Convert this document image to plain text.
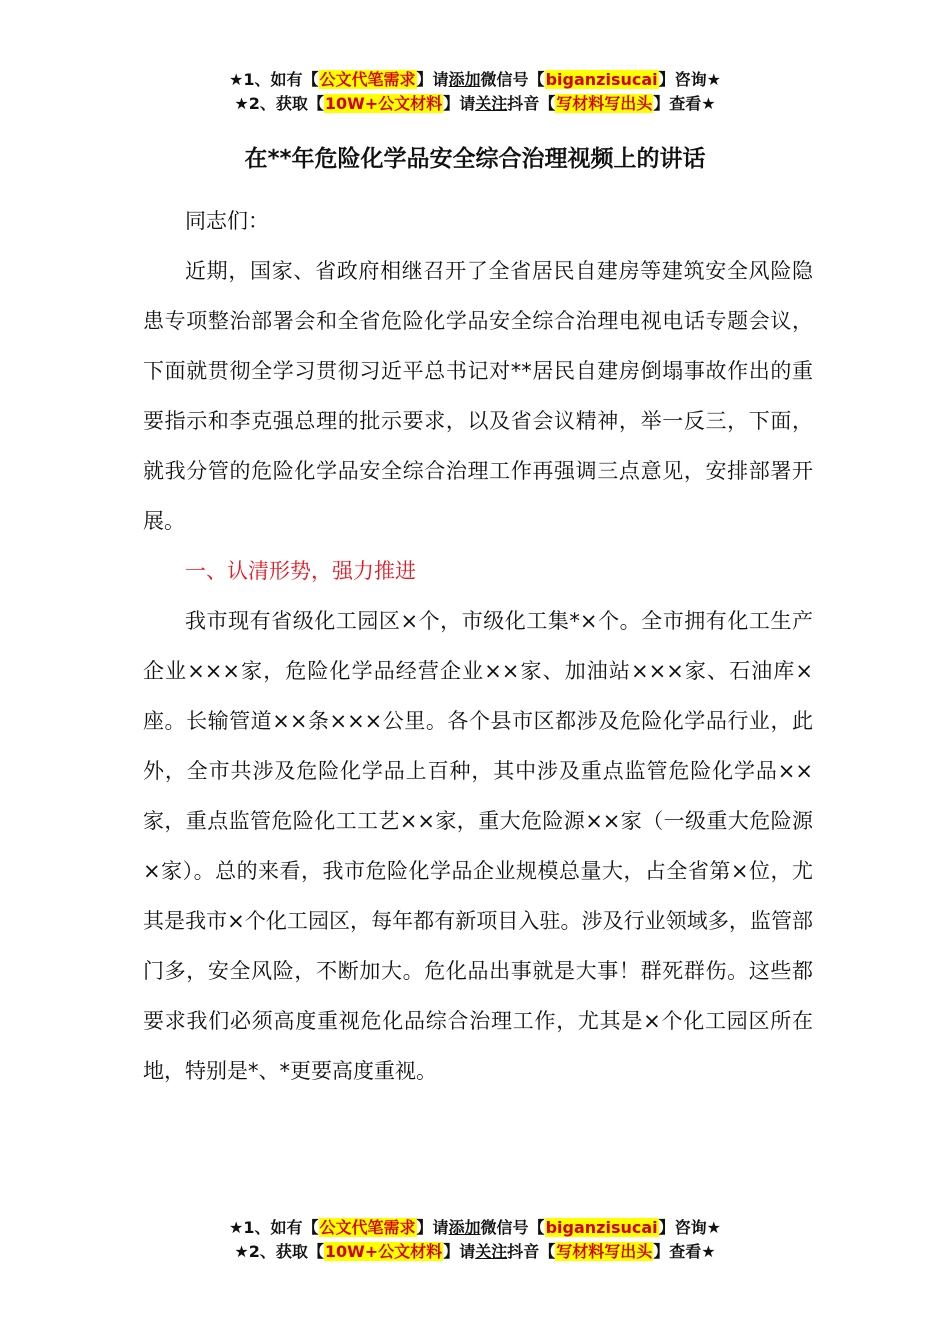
★1、如有【公文代笔需求】请添加微信号【biganzisucai】咨询★
★2、获取【10W+公文材料】请关注抖音【写材料写出头】查看★
在**年危险化学品安全综合治理视频上的讲话

同志们：

近期，国家、省政府相继召开了全省居民自建房等建筑安全风险隐患专项整治部署会和全省危险化学品安全综合治理电视电话专题会议，下面就贯彻全学习贯彻习近平总书记对**居民自建房倒塌事故作出的重要指示和李克强总理的批示要求，以及省会议精神，举一反三，下面，就我分管的危险化学品安全综合治理工作再强调三点意见，安排部署开展。

一、认清形势，强力推进

我市现有省级化工园区×个，市级化工集*×个。全市拥有化工生产企业×××家，危险化学品经营企业××家、加油站×××家、石油库×座。长输管道××条×××公里。各个县市区都涉及危险化学品行业，此外，全市共涉及危险化学品上百种，其中涉及重点监管危险化学品××家，重点监管危险化工工艺××家，重大危险源××家（一级重大危险源×家）。总的来看，我市危险化学品企业规模总量大，占全省第×位，尤其是我市×个化工园区，每年都有新项目入驻。涉及行业领域多，监管部门多，安全风险，不断加大。危化品出事就是大事！群死群伤。这些都要求我们必须高度重视危化品综合治理工作，尤其是×个化工园区所在地，特别是*、*更要高度重视。

★1、如有【公文代笔需求】请添加微信号【biganzisucai】咨询★
★2、获取【10W+公文材料】请关注抖音【写材料写出头】查看★
